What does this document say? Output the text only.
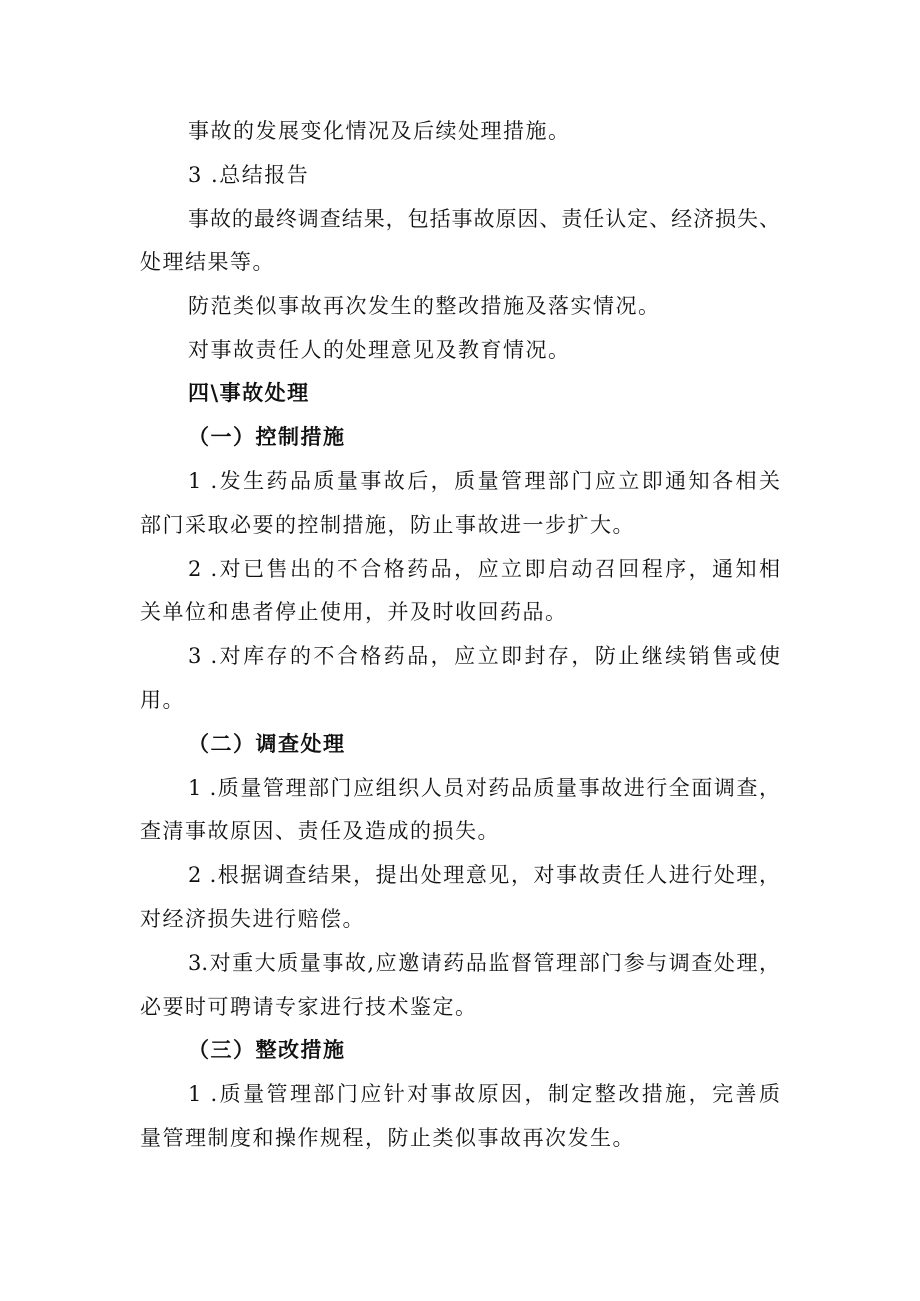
事故的发展变化情况及后续处理措施。
3 .总结报告
事故的最终调查结果，包括事故原因、责任认定、经济损失、
处理结果等。
防范类似事故再次发生的整改措施及落实情况。
对事故责任人的处理意见及教育情况。
四\事故处理
（一）控制措施
1 .发生药品质量事故后，质量管理部门应立即通知各相关
部门采取必要的控制措施，防止事故进一步扩大。
2 .对已售出的不合格药品，应立即启动召回程序，通知相
关单位和患者停止使用，并及时收回药品。
3 .对库存的不合格药品，应立即封存，防止继续销售或使
用。
（二）调查处理
1 .质量管理部门应组织人员对药品质量事故进行全面调查，
查清事故原因、责任及造成的损失。
2 .根据调查结果，提出处理意见，对事故责任人进行处理，
对经济损失进行赔偿。
3.对重大质量事故,应邀请药品监督管理部门参与调查处理，
必要时可聘请专家进行技术鉴定。
（三）整改措施
1 .质量管理部门应针对事故原因，制定整改措施，完善质
量管理制度和操作规程，防止类似事故再次发生。
